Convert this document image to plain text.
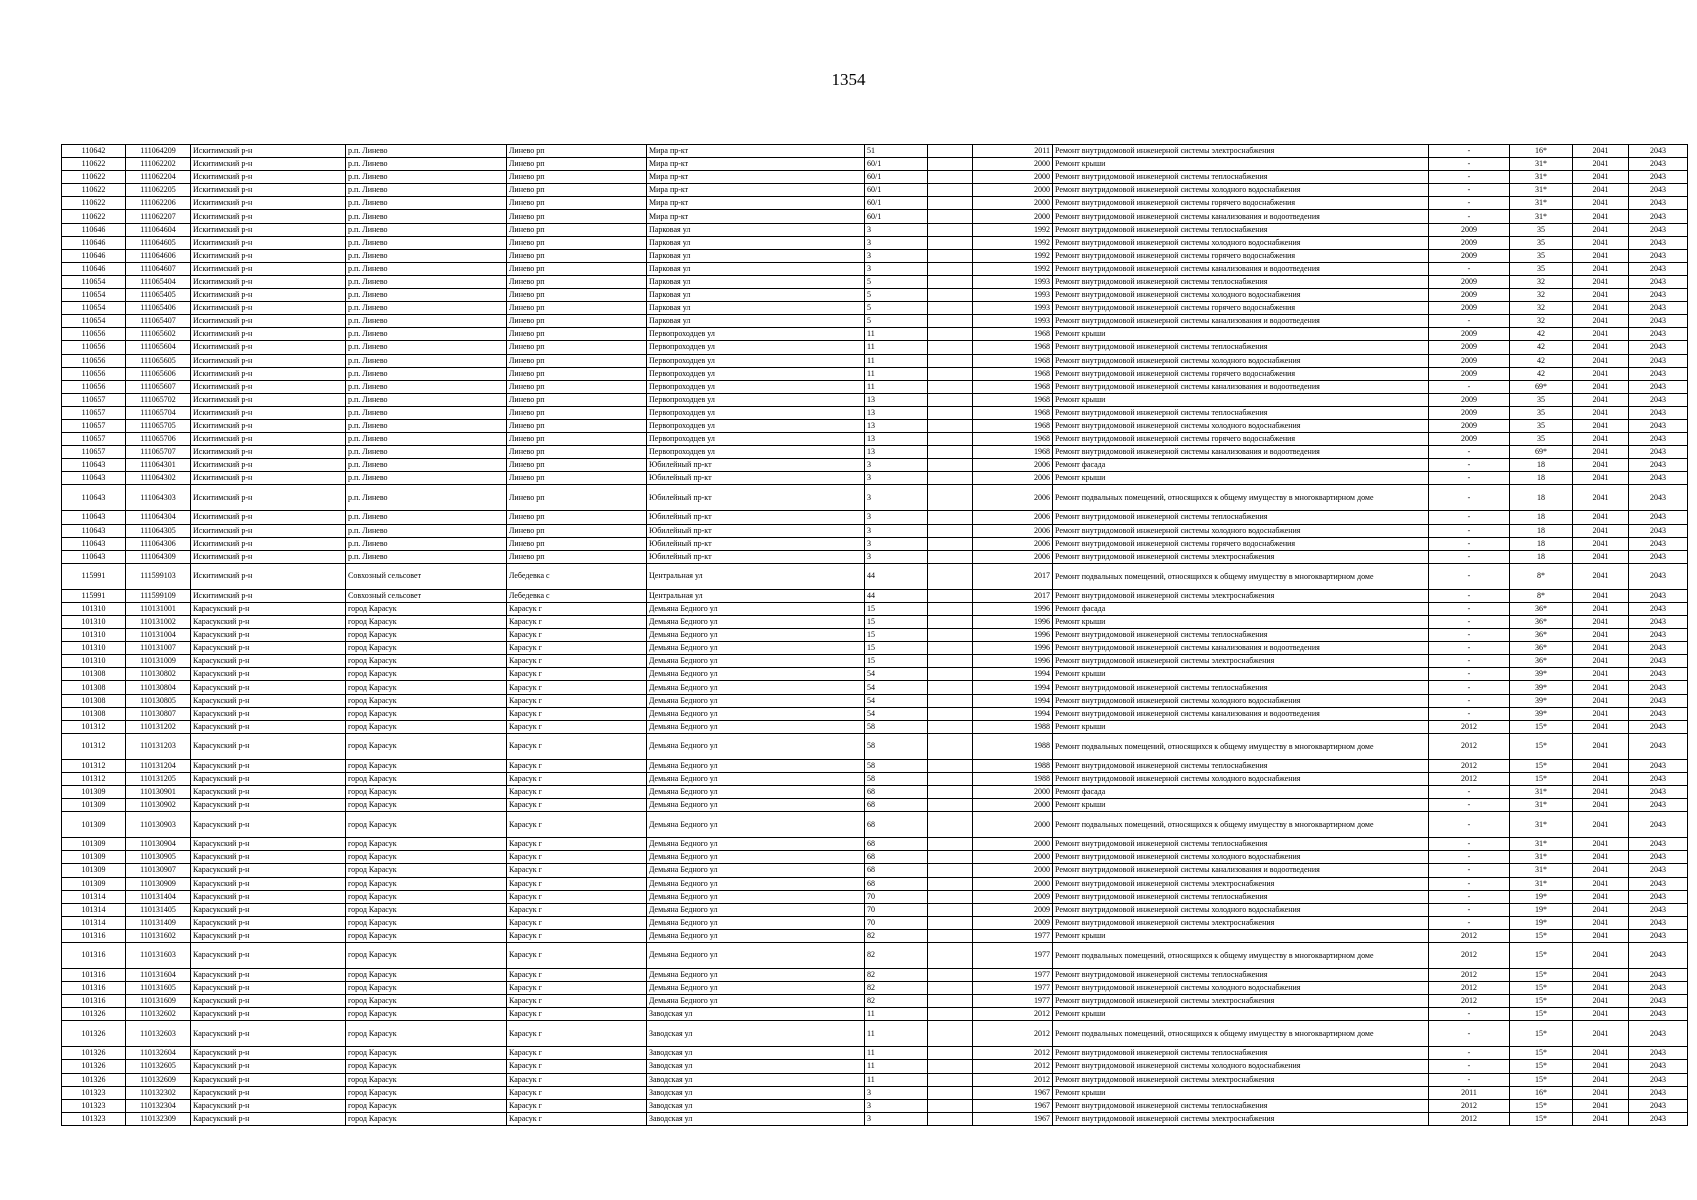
1354
110642	111064209	Искитимский р-н	р.п. Линево	Линево рп	Мира пр-кт	51		2011	Ремонт внутридомовой инженерной системы электроснабжения	-	16*	2041	2043
110622	111062202	Искитимский р-н	р.п. Линево	Линево рп	Мира пр-кт	60/1		2000	Ремонт крыши	-	31*	2041	2043
110622	111062204	Искитимский р-н	р.п. Линево	Линево рп	Мира пр-кт	60/1		2000	Ремонт внутридомовой инженерной системы теплоснабжения	-	31*	2041	2043
110622	111062205	Искитимский р-н	р.п. Линево	Линево рп	Мира пр-кт	60/1		2000	Ремонт внутридомовой инженерной системы холодного водоснабжения	-	31*	2041	2043
110622	111062206	Искитимский р-н	р.п. Линево	Линево рп	Мира пр-кт	60/1		2000	Ремонт внутридомовой инженерной системы горячего водоснабжения	-	31*	2041	2043
110622	111062207	Искитимский р-н	р.п. Линево	Линево рп	Мира пр-кт	60/1		2000	Ремонт внутридомовой инженерной системы канализования и водоотведения	-	31*	2041	2043
110646	111064604	Искитимский р-н	р.п. Линево	Линево рп	Парковая ул	3		1992	Ремонт внутридомовой инженерной системы теплоснабжения	2009	35	2041	2043
110646	111064605	Искитимский р-н	р.п. Линево	Линево рп	Парковая ул	3		1992	Ремонт внутридомовой инженерной системы холодного водоснабжения	2009	35	2041	2043
110646	111064606	Искитимский р-н	р.п. Линево	Линево рп	Парковая ул	3		1992	Ремонт внутридомовой инженерной системы горячего водоснабжения	2009	35	2041	2043
110646	111064607	Искитимский р-н	р.п. Линево	Линево рп	Парковая ул	3		1992	Ремонт внутридомовой инженерной системы канализования и водоотведения	-	35	2041	2043
110654	111065404	Искитимский р-н	р.п. Линево	Линево рп	Парковая ул	5		1993	Ремонт внутридомовой инженерной системы теплоснабжения	2009	32	2041	2043
110654	111065405	Искитимский р-н	р.п. Линево	Линево рп	Парковая ул	5		1993	Ремонт внутридомовой инженерной системы холодного водоснабжения	2009	32	2041	2043
110654	111065406	Искитимский р-н	р.п. Линево	Линево рп	Парковая ул	5		1993	Ремонт внутридомовой инженерной системы горячего водоснабжения	2009	32	2041	2043
110654	111065407	Искитимский р-н	р.п. Линево	Линево рп	Парковая ул	5		1993	Ремонт внутридомовой инженерной системы канализования и водоотведения	-	32	2041	2043
110656	111065602	Искитимский р-н	р.п. Линево	Линево рп	Первопроходцев ул	11		1968	Ремонт крыши	2009	42	2041	2043
110656	111065604	Искитимский р-н	р.п. Линево	Линево рп	Первопроходцев ул	11		1968	Ремонт внутридомовой инженерной системы теплоснабжения	2009	42	2041	2043
110656	111065605	Искитимский р-н	р.п. Линево	Линево рп	Первопроходцев ул	11		1968	Ремонт внутридомовой инженерной системы холодного водоснабжения	2009	42	2041	2043
110656	111065606	Искитимский р-н	р.п. Линево	Линево рп	Первопроходцев ул	11		1968	Ремонт внутридомовой инженерной системы горячего водоснабжения	2009	42	2041	2043
110656	111065607	Искитимский р-н	р.п. Линево	Линево рп	Первопроходцев ул	11		1968	Ремонт внутридомовой инженерной системы канализования и водоотведения	-	69*	2041	2043
110657	111065702	Искитимский р-н	р.п. Линево	Линево рп	Первопроходцев ул	13		1968	Ремонт крыши	2009	35	2041	2043
110657	111065704	Искитимский р-н	р.п. Линево	Линево рп	Первопроходцев ул	13		1968	Ремонт внутридомовой инженерной системы теплоснабжения	2009	35	2041	2043
110657	111065705	Искитимский р-н	р.п. Линево	Линево рп	Первопроходцев ул	13		1968	Ремонт внутридомовой инженерной системы холодного водоснабжения	2009	35	2041	2043
110657	111065706	Искитимский р-н	р.п. Линево	Линево рп	Первопроходцев ул	13		1968	Ремонт внутридомовой инженерной системы горячего водоснабжения	2009	35	2041	2043
110657	111065707	Искитимский р-н	р.п. Линево	Линево рп	Первопроходцев ул	13		1968	Ремонт внутридомовой инженерной системы канализования и водоотведения	-	69*	2041	2043
110643	111064301	Искитимский р-н	р.п. Линево	Линево рп	Юбилейный пр-кт	3		2006	Ремонт фасада	-	18	2041	2043
110643	111064302	Искитимский р-н	р.п. Линево	Линево рп	Юбилейный пр-кт	3		2006	Ремонт крыши	-	18	2041	2043
110643	111064303	Искитимский р-н	р.п. Линево	Линево рп	Юбилейный пр-кт	3		2006	Ремонт подвальных помещений, относящихся к общему имуществу в многоквартирном доме	-	18	2041	2043
110643	111064304	Искитимский р-н	р.п. Линево	Линево рп	Юбилейный пр-кт	3		2006	Ремонт внутридомовой инженерной системы теплоснабжения	-	18	2041	2043
110643	111064305	Искитимский р-н	р.п. Линево	Линево рп	Юбилейный пр-кт	3		2006	Ремонт внутридомовой инженерной системы холодного водоснабжения	-	18	2041	2043
110643	111064306	Искитимский р-н	р.п. Линево	Линево рп	Юбилейный пр-кт	3		2006	Ремонт внутридомовой инженерной системы горячего водоснабжения	-	18	2041	2043
110643	111064309	Искитимский р-н	р.п. Линево	Линево рп	Юбилейный пр-кт	3		2006	Ремонт внутридомовой инженерной системы электроснабжения	-	18	2041	2043
115991	111599103	Искитимский р-н	Совхозный сельсовет	Лебедевка с	Центральная ул	44		2017	Ремонт подвальных помещений, относящихся к общему имуществу в многоквартирном доме	-	8*	2041	2043
115991	111599109	Искитимский р-н	Совхозный сельсовет	Лебедевка с	Центральная ул	44		2017	Ремонт внутридомовой инженерной системы электроснабжения	-	8*	2041	2043
101310	110131001	Карасукский р-н	город Карасук	Карасук г	Демьяна Бедного ул	15		1996	Ремонт фасада	-	36*	2041	2043
101310	110131002	Карасукский р-н	город Карасук	Карасук г	Демьяна Бедного ул	15		1996	Ремонт крыши	-	36*	2041	2043
101310	110131004	Карасукский р-н	город Карасук	Карасук г	Демьяна Бедного ул	15		1996	Ремонт внутридомовой инженерной системы теплоснабжения	-	36*	2041	2043
101310	110131007	Карасукский р-н	город Карасук	Карасук г	Демьяна Бедного ул	15		1996	Ремонт внутридомовой инженерной системы канализования и водоотведения	-	36*	2041	2043
101310	110131009	Карасукский р-н	город Карасук	Карасук г	Демьяна Бедного ул	15		1996	Ремонт внутридомовой инженерной системы электроснабжения	-	36*	2041	2043
101308	110130802	Карасукский р-н	город Карасук	Карасук г	Демьяна Бедного ул	54		1994	Ремонт крыши	-	39*	2041	2043
101308	110130804	Карасукский р-н	город Карасук	Карасук г	Демьяна Бедного ул	54		1994	Ремонт внутридомовой инженерной системы теплоснабжения	-	39*	2041	2043
101308	110130805	Карасукский р-н	город Карасук	Карасук г	Демьяна Бедного ул	54		1994	Ремонт внутридомовой инженерной системы холодного водоснабжения	-	39*	2041	2043
101308	110130807	Карасукский р-н	город Карасук	Карасук г	Демьяна Бедного ул	54		1994	Ремонт внутридомовой инженерной системы канализования и водоотведения	-	39*	2041	2043
101312	110131202	Карасукский р-н	город Карасук	Карасук г	Демьяна Бедного ул	58		1988	Ремонт крыши	2012	15*	2041	2043
101312	110131203	Карасукский р-н	город Карасук	Карасук г	Демьяна Бедного ул	58		1988	Ремонт подвальных помещений, относящихся к общему имуществу в многоквартирном доме	2012	15*	2041	2043
101312	110131204	Карасукский р-н	город Карасук	Карасук г	Демьяна Бедного ул	58		1988	Ремонт внутридомовой инженерной системы теплоснабжения	2012	15*	2041	2043
101312	110131205	Карасукский р-н	город Карасук	Карасук г	Демьяна Бедного ул	58		1988	Ремонт внутридомовой инженерной системы холодного водоснабжения	2012	15*	2041	2043
101309	110130901	Карасукский р-н	город Карасук	Карасук г	Демьяна Бедного ул	68		2000	Ремонт фасада	-	31*	2041	2043
101309	110130902	Карасукский р-н	город Карасук	Карасук г	Демьяна Бедного ул	68		2000	Ремонт крыши	-	31*	2041	2043
101309	110130903	Карасукский р-н	город Карасук	Карасук г	Демьяна Бедного ул	68		2000	Ремонт подвальных помещений, относящихся к общему имуществу в многоквартирном доме	-	31*	2041	2043
101309	110130904	Карасукский р-н	город Карасук	Карасук г	Демьяна Бедного ул	68		2000	Ремонт внутридомовой инженерной системы теплоснабжения	-	31*	2041	2043
101309	110130905	Карасукский р-н	город Карасук	Карасук г	Демьяна Бедного ул	68		2000	Ремонт внутридомовой инженерной системы холодного водоснабжения	-	31*	2041	2043
101309	110130907	Карасукский р-н	город Карасук	Карасук г	Демьяна Бедного ул	68		2000	Ремонт внутридомовой инженерной системы канализования и водоотведения	-	31*	2041	2043
101309	110130909	Карасукский р-н	город Карасук	Карасук г	Демьяна Бедного ул	68		2000	Ремонт внутридомовой инженерной системы электроснабжения	-	31*	2041	2043
101314	110131404	Карасукский р-н	город Карасук	Карасук г	Демьяна Бедного ул	70		2009	Ремонт внутридомовой инженерной системы теплоснабжения	-	19*	2041	2043
101314	110131405	Карасукский р-н	город Карасук	Карасук г	Демьяна Бедного ул	70		2009	Ремонт внутридомовой инженерной системы холодного водоснабжения	-	19*	2041	2043
101314	110131409	Карасукский р-н	город Карасук	Карасук г	Демьяна Бедного ул	70		2009	Ремонт внутридомовой инженерной системы электроснабжения	-	19*	2041	2043
101316	110131602	Карасукский р-н	город Карасук	Карасук г	Демьяна Бедного ул	82		1977	Ремонт крыши	2012	15*	2041	2043
101316	110131603	Карасукский р-н	город Карасук	Карасук г	Демьяна Бедного ул	82		1977	Ремонт подвальных помещений, относящихся к общему имуществу в многоквартирном доме	2012	15*	2041	2043
101316	110131604	Карасукский р-н	город Карасук	Карасук г	Демьяна Бедного ул	82		1977	Ремонт внутридомовой инженерной системы теплоснабжения	2012	15*	2041	2043
101316	110131605	Карасукский р-н	город Карасук	Карасук г	Демьяна Бедного ул	82		1977	Ремонт внутридомовой инженерной системы холодного водоснабжения	2012	15*	2041	2043
101316	110131609	Карасукский р-н	город Карасук	Карасук г	Демьяна Бедного ул	82		1977	Ремонт внутридомовой инженерной системы электроснабжения	2012	15*	2041	2043
101326	110132602	Карасукский р-н	город Карасук	Карасук г	Заводская ул	11		2012	Ремонт крыши	-	15*	2041	2043
101326	110132603	Карасукский р-н	город Карасук	Карасук г	Заводская ул	11		2012	Ремонт подвальных помещений, относящихся к общему имуществу в многоквартирном доме	-	15*	2041	2043
101326	110132604	Карасукский р-н	город Карасук	Карасук г	Заводская ул	11		2012	Ремонт внутридомовой инженерной системы теплоснабжения	-	15*	2041	2043
101326	110132605	Карасукский р-н	город Карасук	Карасук г	Заводская ул	11		2012	Ремонт внутридомовой инженерной системы холодного водоснабжения	-	15*	2041	2043
101326	110132609	Карасукский р-н	город Карасук	Карасук г	Заводская ул	11		2012	Ремонт внутридомовой инженерной системы электроснабжения	-	15*	2041	2043
101323	110132302	Карасукский р-н	город Карасук	Карасук г	Заводская ул	3		1967	Ремонт крыши	2011	16*	2041	2043
101323	110132304	Карасукский р-н	город Карасук	Карасук г	Заводская ул	3		1967	Ремонт внутридомовой инженерной системы теплоснабжения	2012	15*	2041	2043
101323	110132309	Карасукский р-н	город Карасук	Карасук г	Заводская ул	3		1967	Ремонт внутридомовой инженерной системы электроснабжения	2012	15*	2041	2043
